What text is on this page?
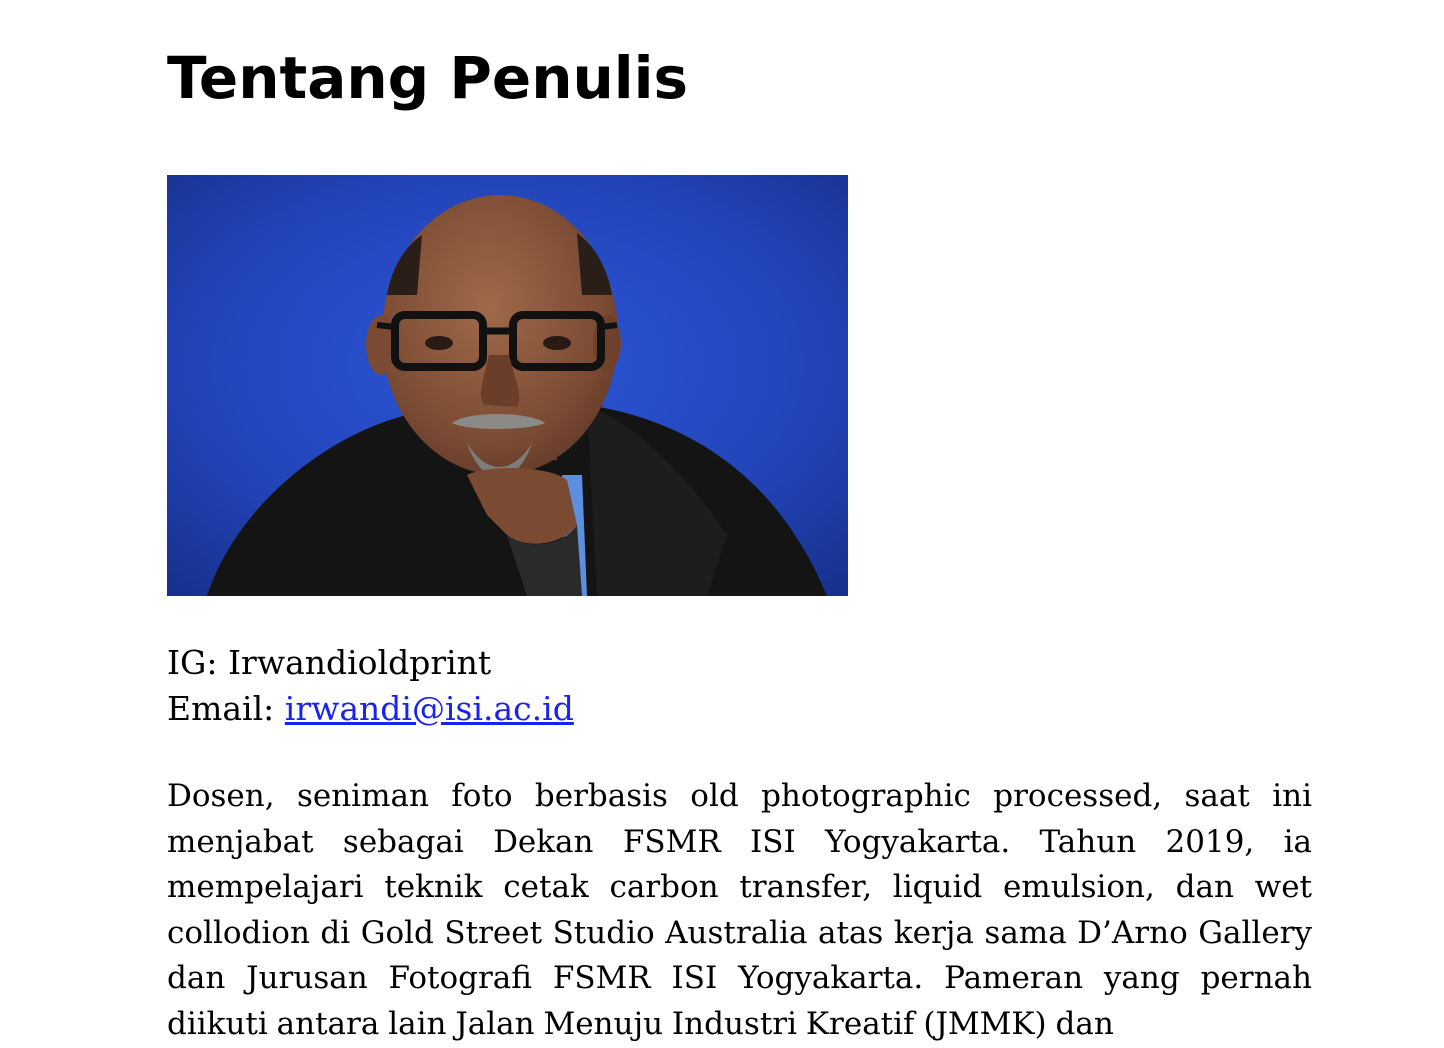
Tentang Penulis
IG: Irwandioldprint
Email: irwandi@isi.ac.id

Dosen, seniman foto berbasis old photographic processed, saat ini menjabat sebagai Dekan FSMR ISI Yogyakarta. Tahun 2019, ia mempelajari teknik cetak carbon transfer, liquid emulsion, dan wet collodion di Gold Street Studio Australia atas kerja sama D’Arno Gallery dan Jurusan Fotografi FSMR ISI Yogyakarta. Pameran yang pernah diikuti antara lain Jalan Menuju Industri Kreatif (JMMK) dan
